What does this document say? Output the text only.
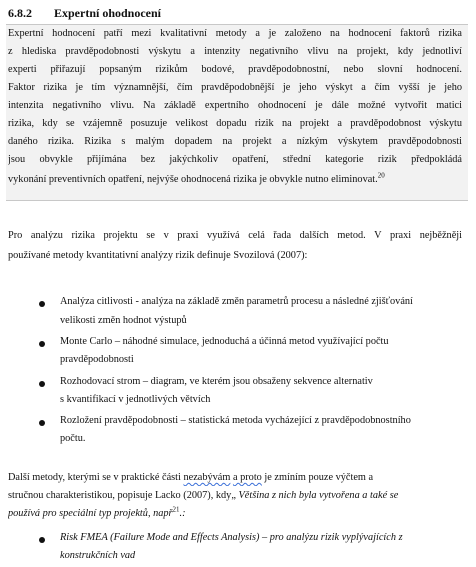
6.8.2 Expertní ohodnocení
Expertní hodnocení patří mezi kvalitativní metody a je založeno na hodnocení faktorů rizika
z hlediska pravděpodobnosti výskytu a intenzity negativního vlivu na projekt, kdy jednotliví
experti přiřazují popsaným rizikům bodové, pravděpodobnostní, nebo slovní hodnocení.
Faktor rizika je tím významnější, čím pravděpodobnější je jeho výskyt a čím vyšší je jeho
intenzita negativního vlivu. Na základě expertního ohodnocení je dále možné vytvořit matici
rizika, kdy se vzájemně posuzuje velikost dopadu rizik na projekt a pravděpodobnost výskytu
daného rizika. Rizika s malým dopadem na projekt a nízkým výskytem pravděpodobnosti
jsou obvykle přijímána bez jakýchkoliv opatření, střední kategorie rizik předpokládá
vykonání preventivních opatření, nejvýše ohodnocená rizika je obvykle nutno eliminovat.$^{20}$
Pro analýzu rizika projektu se v praxi využívá celá řada dalších metod. V praxi nejběžněji
používané metody kvantitativní analýzy rizik definuje Svozilová (2007):
Analýza citlivosti - analýza na základě změn parametrů procesu a následné zjišťování
velikosti změn hodnot výstupů
Monte Carlo – náhodné simulace, jednoduchá a účinná metod využívající počtu
pravděpodobnosti
Rozhodovací strom – diagram, ve kterém jsou obsaženy sekvence alternativ
s kvantifikací v jednotlivých větvích
Rozložení pravděpodobnosti – statistická metoda vycházející z pravděpodobnostního
počtu.
Další metody, kterými se v praktické části nezabývám a proto je zmíním pouze výčtem a
stručnou charakteristikou, popisuje Lacko (2007), kdy„ Většina z nich byla vytvořena a také se
používá pro speciální typ projektů, např$^{21}$.:
Risk FMEA (Failure Mode and Effects Analysis) – pro analýzu rizik vyplývajících z
konstrukčních vad
